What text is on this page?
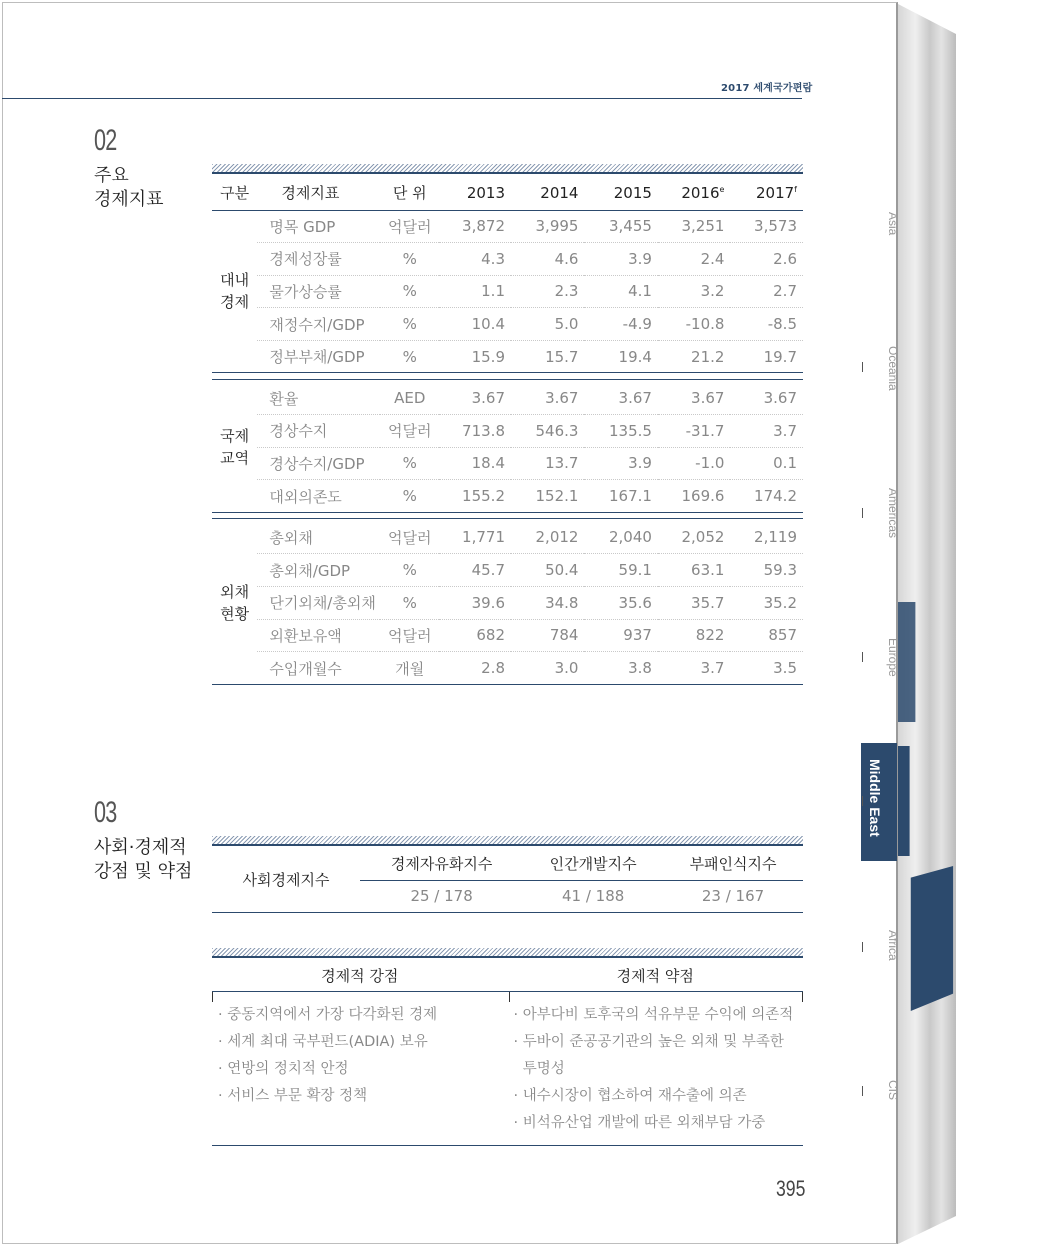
2017 세계국가편람
02
주요
경제지표	구분	경제지표	단 위	2013	2014	2015	2016e	2017$^f$

대내
경제	명목 GDP	억달러	3,872	3,995	3,455	3,251	3,573
	경제성장률	%	4.3	4.6	3.9	2.4	2.6
	물가상승률	%	1.1	2.3	4.1	3.2	2.7
	재정수지/GDP	%	10.4	5.0	-4.9	-10.8	-8.5
	정부부채/GDP	%	15.9	15.7	19.4	21.2	19.7

국제
교역	환율	AED	3.67	3.67	3.67	3.67	3.67
	경상수지	억달러	713.8	546.3	135.5	-31.7	3.7
	경상수지/GDP	%	18.4	13.7	3.9	-1.0	0.1
	대외의존도	%	155.2	152.1	167.1	169.6	174.2

외채
현황	총외채	억달러	1,771	2,012	2,040	2,052	2,119
	총외채/GDP	%	45.7	50.4	59.1	63.1	59.3
	단기외채/총외채	%	39.6	34.8	35.6	35.7	35.2
	외환보유액	억달러	682	784	937	822	857
	수입개월수	개월	2.8	3.0	3.8	3.7	3.5
03
사회·경제적
강점 및 약점	사회경제지수	경제자유화지수	인간개발지수	부패인식지수
	25 / 178	41 / 188	23 / 167
경제적 강점	경제적 약점
· 중동지역에서 가장 다각화된 경제
· 세계 최대 국부펀드(ADIA) 보유
· 연방의 정치적 안정
· 서비스 부문 확장 정책
· 아부다비 토후국의 석유부문 수익에 의존적
· 두바이 준공공기관의 높은 외채 및 부족한
투명성
· 내수시장이 협소하여 재수출에 의존
· 비석유산업 개발에 따른 외채부담 가중
395
Asia
Oceania
Americas
Europe
Middle East
Africa
CIS
